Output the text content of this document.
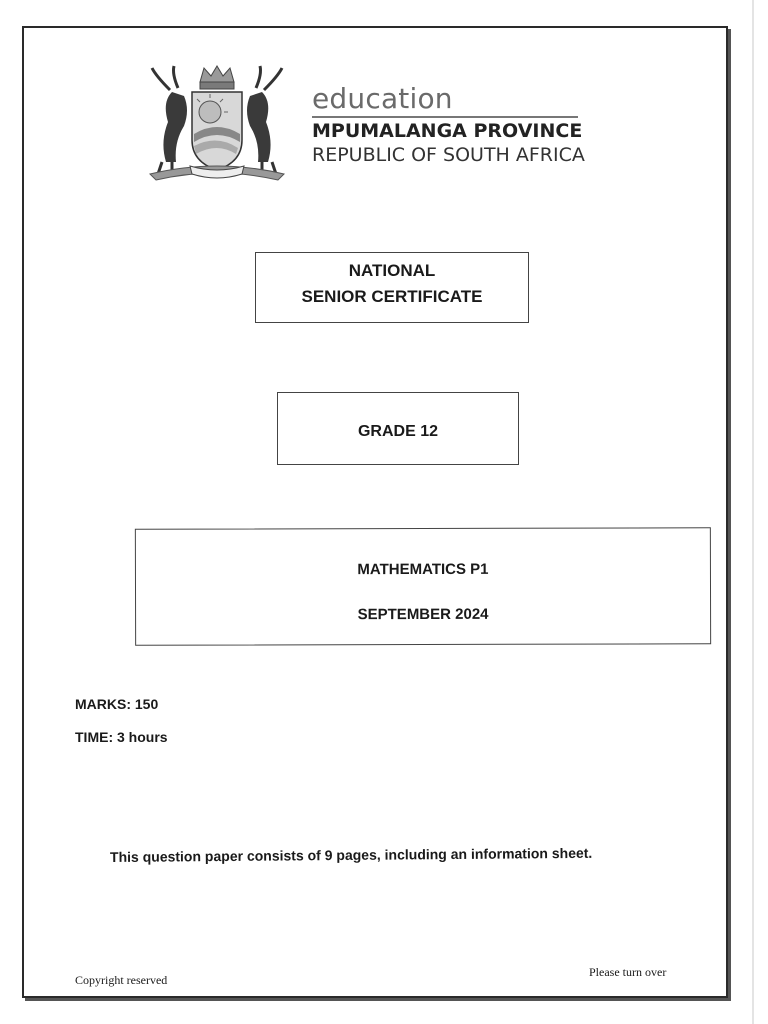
education
MPUMALANGA PROVINCE
REPUBLIC OF SOUTH AFRICA
NATIONAL
SENIOR CERTIFICATE
GRADE 12
MATHEMATICS P1
SEPTEMBER 2024
MARKS: 150
TIME: 3 hours
This question paper consists of 9 pages, including an information sheet.
Copyright reserved
Please turn over
